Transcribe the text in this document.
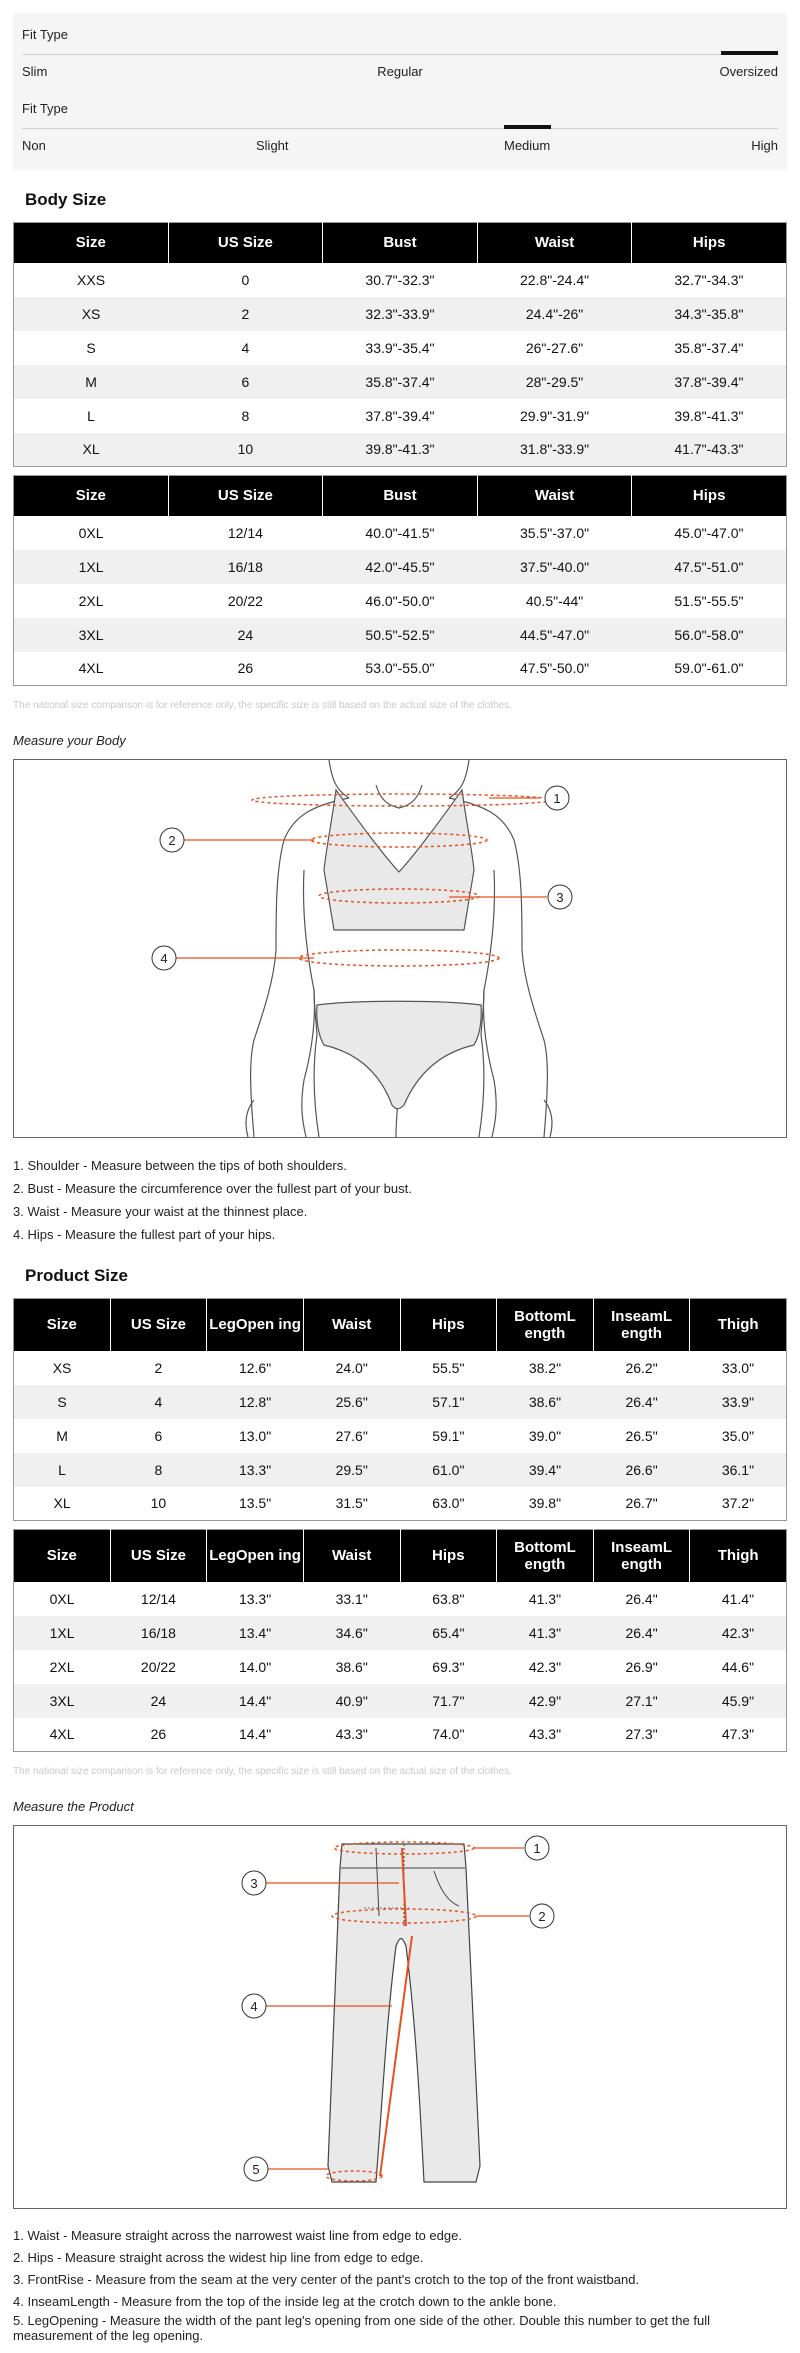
Fit Type
Slim	Regular	Oversized
Fit Type
Non	Slight	Medium	High
Body Size
Size	US Size	Bust	Waist	Hips
XXS	0	30.7"-32.3"	22.8"-24.4"	32.7"-34.3"
XS	2	32.3"-33.9"	24.4"-26"	34.3"-35.8"
S	4	33.9"-35.4"	26"-27.6"	35.8"-37.4"
M	6	35.8"-37.4"	28"-29.5"	37.8"-39.4"
L	8	37.8"-39.4"	29.9"-31.9"	39.8"-41.3"
XL	10	39.8"-41.3"	31.8"-33.9"	41.7"-43.3"
Size	US Size	Bust	Waist	Hips
0XL	12/14	40.0"-41.5"	35.5"-37.0"	45.0"-47.0"
1XL	16/18	42.0"-45.5"	37.5"-40.0"	47.5"-51.0"
2XL	20/22	46.0"-50.0"	40.5"-44"	51.5"-55.5"
3XL	24	50.5"-52.5"	44.5"-47.0"	56.0"-58.0"
4XL	26	53.0"-55.0"	47.5"-50.0"	59.0"-61.0"

The national size comparison is for reference only, the specific size is still based on the actual size of the clothes.

Measure your Body

1
2
3
4

1. Shoulder - Measure between the tips of both shoulders.

2. Bust - Measure the circumference over the fullest part of your bust.

3. Waist - Measure your waist at the thinnest place.

4. Hips - Measure the fullest part of your hips.

Product Size
Size	US Size	LegOpen ing	Waist	Hips	BottomL ength	InseamL ength	Thigh
XS	2	12.6"	24.0"	55.5"	38.2"	26.2"	33.0"
S	4	12.8"	25.6"	57.1"	38.6"	26.4"	33.9"
M	6	13.0"	27.6"	59.1"	39.0"	26.5"	35.0"
L	8	13.3"	29.5"	61.0"	39.4"	26.6"	36.1"
XL	10	13.5"	31.5"	63.0"	39.8"	26.7"	37.2"
Size	US Size	LegOpen ing	Waist	Hips	BottomL ength	InseamL ength	Thigh
0XL	12/14	13.3"	33.1"	63.8"	41.3"	26.4"	41.4"
1XL	16/18	13.4"	34.6"	65.4"	41.3"	26.4"	42.3"
2XL	20/22	14.0"	38.6"	69.3"	42.3"	26.9"	44.6"
3XL	24	14.4"	40.9"	71.7"	42.9"	27.1"	45.9"
4XL	26	14.4"	43.3"	74.0"	43.3"	27.3"	47.3"

The national size comparison is for reference only, the specific size is still based on the actual size of the clothes.

Measure the Product

1
2
3
4
5

1. Waist - Measure straight across the narrowest waist line from edge to edge.

2. Hips - Measure straight across the widest hip line from edge to edge.

3. FrontRise - Measure from the seam at the very center of the pant's crotch to the top of the front waistband.

4. InseamLength - Measure from the top of the inside leg at the crotch down to the ankle bone.

5. LegOpening - Measure the width of the pant leg's opening from one side of the other. Double this number to get the full measurement of the leg opening.
